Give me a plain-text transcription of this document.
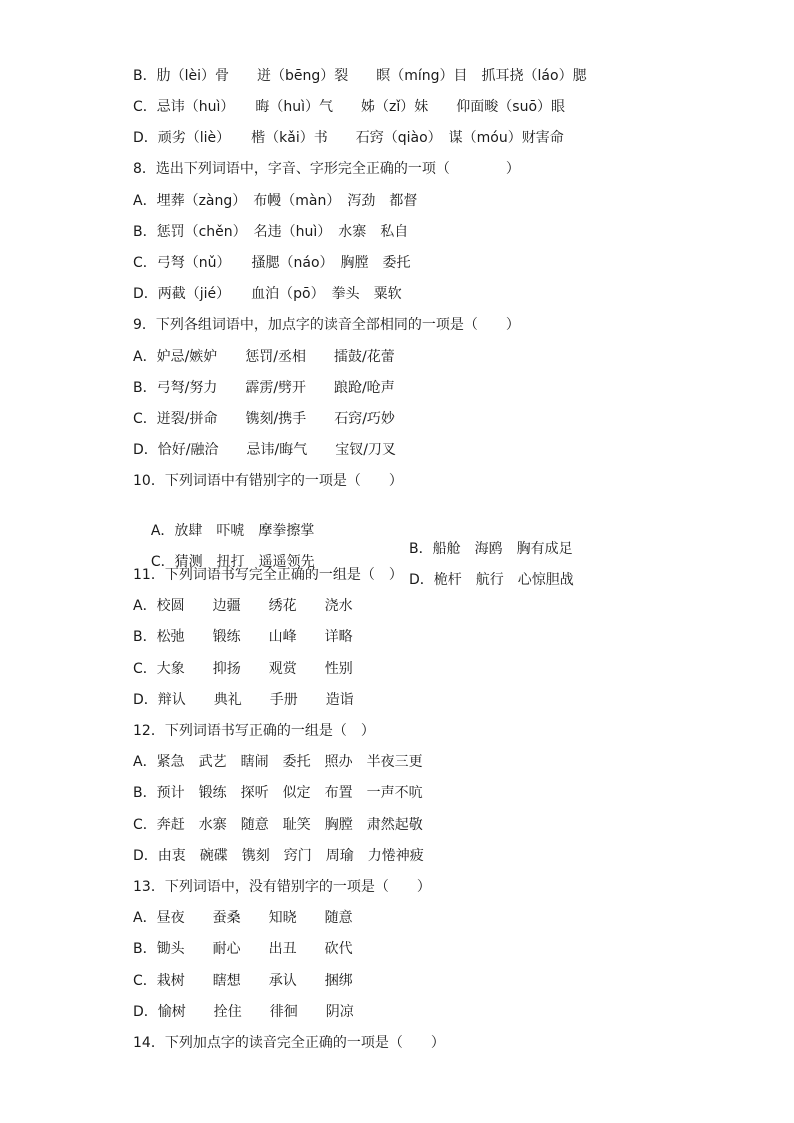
B．肋（lèi）骨　　迸（bēng）裂　　瞑（míng）目　抓耳挠（láo）腮
C．忌讳（huì）　　晦（huì）气　　姊（zǐ）妹　　仰面畯（suō）眼
D．顽劣（liè）　　楷（kǎi）书　　石窍（qiào）　谋（móu）财害命
8．选出下列词语中，字音、字形完全正确的一项（　　　　）
A．埋葬（zàng）　布幔（màn）　泻劲　都督
B．惩罚（chěn）　名违（huì）　水寨　私自
C．弓弩（nǔ）　　搔腮（náo）　胸膛　委托
D．两截（jié）　　血泊（pō）　拳头　粟软
9．下列各组词语中，加点字的读音全部相同的一项是（　　）
A．妒忌/嫉妒　　惩罚/丞相　　擂鼓/花蕾
B．弓弩/努力　　霹雳/劈开　　踉跄/呛声
C．迸裂/拼命　　镌刻/携手　　石窍/巧妙
D．恰好/融洽　　忌讳/晦气　　宝钗/刀叉
10．下列词语中有错别字的一项是（　　）

A．放肆　吓唬　摩拳擦掌

B．船舱　海鸥　胸有成足

C．猜测　扭打　遥遥领先

D．桅杆　航行　心惊胆战

11．下列词语书写完全正确的一组是（　）
A．校圆　　边疆　　绣花　　浇水
B．松弛　　锻练　　山峰　　详略
C．大象　　抑扬　　观赏　　性别
D．辩认　　典礼　　手册　　造诣
12．下列词语书写正确的一组是（　）
A．紧急　武艺　瞎闹　委托　照办　半夜三更
B．预计　锻练　探听　似定　布置　一声不吭
C．奔赶　水寨　随意　耻笑　胸膛　肃然起敬
D．由衷　碗碟　镌刻　窍门　周瑜　力惓神疲
13．下列词语中，没有错别字的一项是（　　）
A．昼夜　　蚕桑　　知晓　　随意
B．锄头　　耐心　　出丑　　砍代
C．栽树　　瞎想　　承认　　捆绑
D．愉树　　拴住　　徘徊　　阴凉
14．下列加点字的读音完全正确的一项是（　　）
